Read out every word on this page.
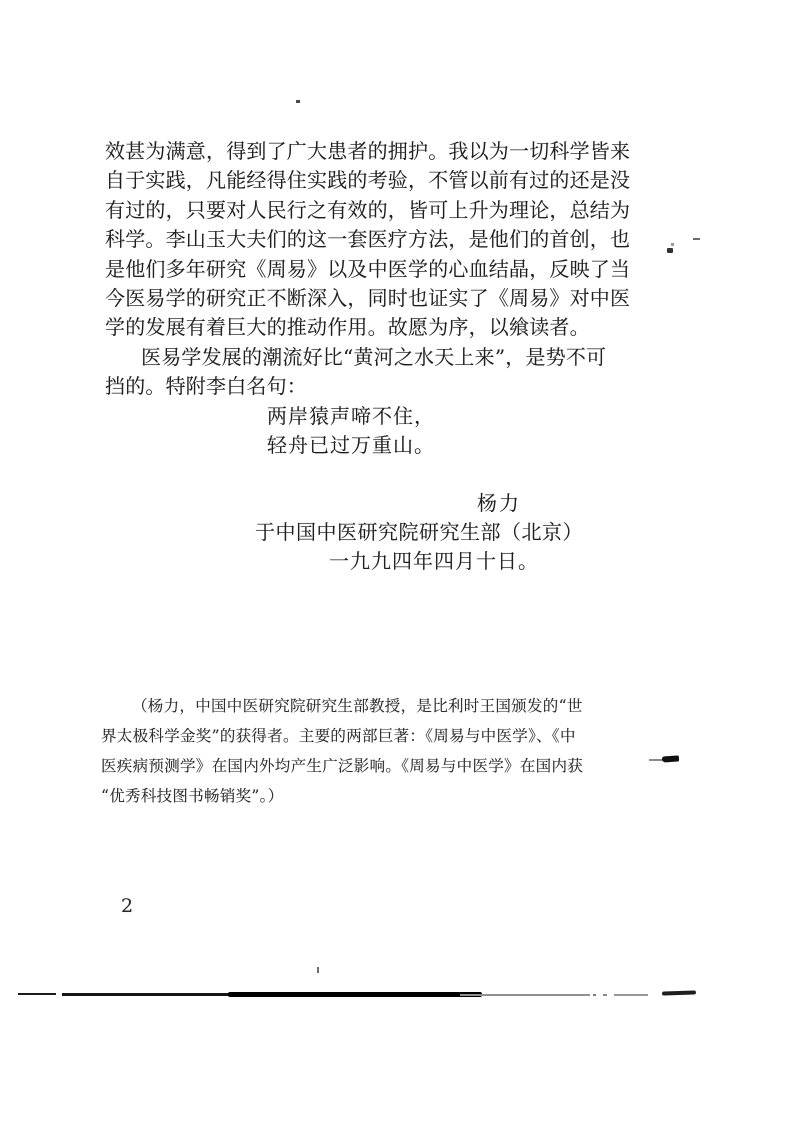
效甚为满意，得到了广大患者的拥护。我以为一切科学皆来
自于实践，凡能经得住实践的考验，不管以前有过的还是没
有过的，只要对人民行之有效的，皆可上升为理论，总结为
科学。李山玉大夫们的这一套医疗方法，是他们的首创，也
是他们多年研究《周易》以及中医学的心血结晶，反映了当
今医易学的研究正不断深入，同时也证实了《周易》对中医
学的发展有着巨大的推动作用。故愿为序，以飨读者。
医易学发展的潮流好比“黄河之水天上来”，是势不可
挡的。特附李白名句：
两岸猿声啼不住，
轻舟已过万重山。
杨力
于中国中医研究院研究生部（北京）
一九九四年四月十日。
（杨力，中国中医研究院研究生部教授，是比利时王国颁发的“世
界太极科学金奖”的获得者。主要的两部巨著：《周易与中医学》、《中
医疾病预测学》在国内外均产生广泛影响。《周易与中医学》在国内获
“优秀科技图书畅销奖”。）
2
